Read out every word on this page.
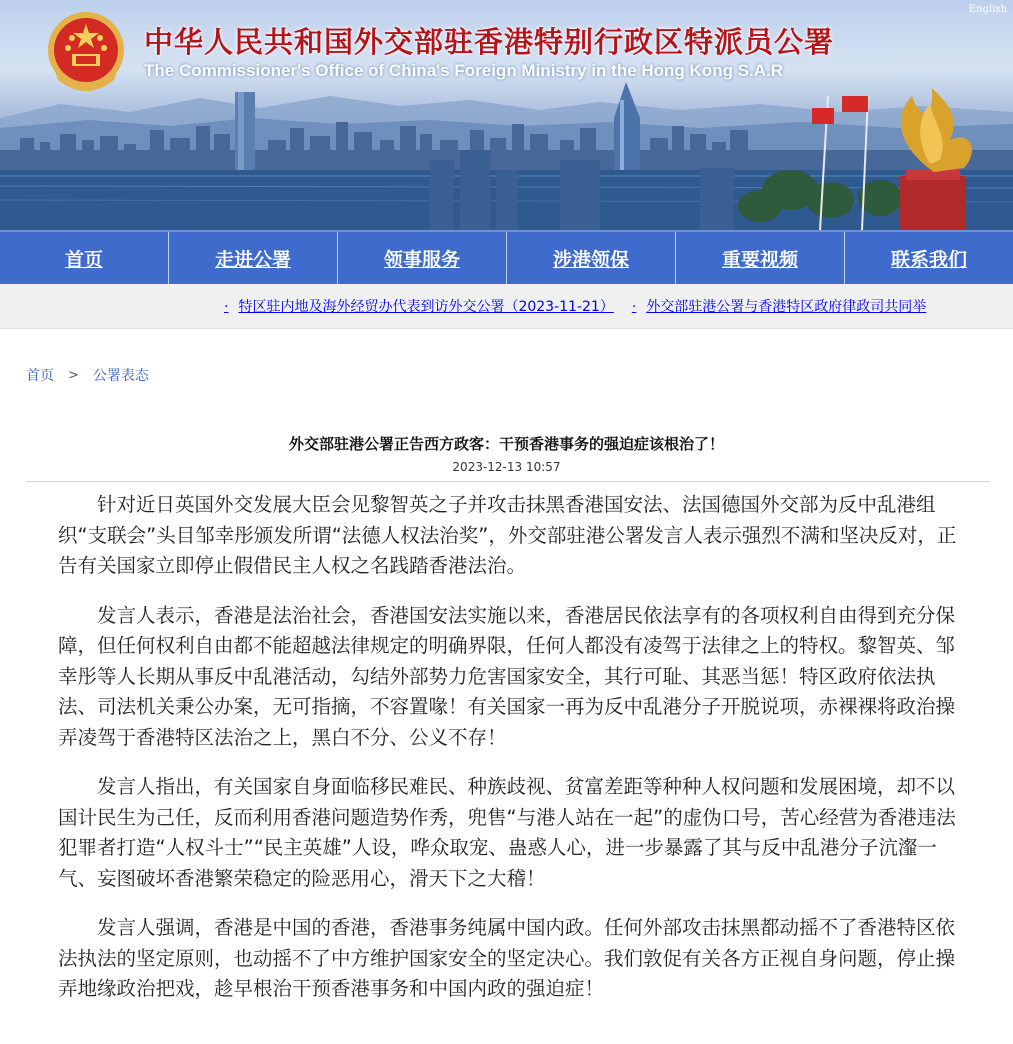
中华人民共和国外交部驻香港特别行政区特派员公署
The Commissioner's Office of China's Foreign Ministry in the Hong Kong S.A.R
English
首页	走进公署	领事服务	涉港领保	重要视频	联系我们
· 特区驻内地及海外经贸办代表到访外交公署（2023-11-21） · 外交部驻港公署与香港特区政府律政司共同举
首页 > 公署表态
外交部驻港公署正告西方政客：干预香港事务的强迫症该根治了！
2023-12-13 10:57

针对近日英国外交发展大臣会见黎智英之子并攻击抹黑香港国安法、法国德国外交部为反中乱港组织“支联会”头目邹幸彤颁发所谓“法德人权法治奖”，外交部驻港公署发言人表示强烈不满和坚决反对，正告有关国家立即停止假借民主人权之名践踏香港法治。

发言人表示，香港是法治社会，香港国安法实施以来，香港居民依法享有的各项权利自由得到充分保障，但任何权利自由都不能超越法律规定的明确界限，任何人都没有凌驾于法律之上的特权。黎智英、邹幸彤等人长期从事反中乱港活动，勾结外部势力危害国家安全，其行可耻、其恶当惩！特区政府依法执法、司法机关秉公办案，无可指摘，不容置喙！有关国家一再为反中乱港分子开脱说项，赤裸裸将政治操弄凌驾于香港特区法治之上，黑白不分、公义不存！

发言人指出，有关国家自身面临移民难民、种族歧视、贫富差距等种种人权问题和发展困境，却不以国计民生为己任，反而利用香港问题造势作秀，兜售“与港人站在一起”的虚伪口号，苦心经营为香港违法犯罪者打造“人权斗士”“民主英雄”人设，哗众取宠、蛊惑人心，进一步暴露了其与反中乱港分子沆瀣一气、妄图破坏香港繁荣稳定的险恶用心，滑天下之大稽！

发言人强调，香港是中国的香港，香港事务纯属中国内政。任何外部攻击抹黑都动摇不了香港特区依法执法的坚定原则，也动摇不了中方维护国家安全的坚定决心。我们敦促有关各方正视自身问题，停止操弄地缘政治把戏，趁早根治干预香港事务和中国内政的强迫症！
